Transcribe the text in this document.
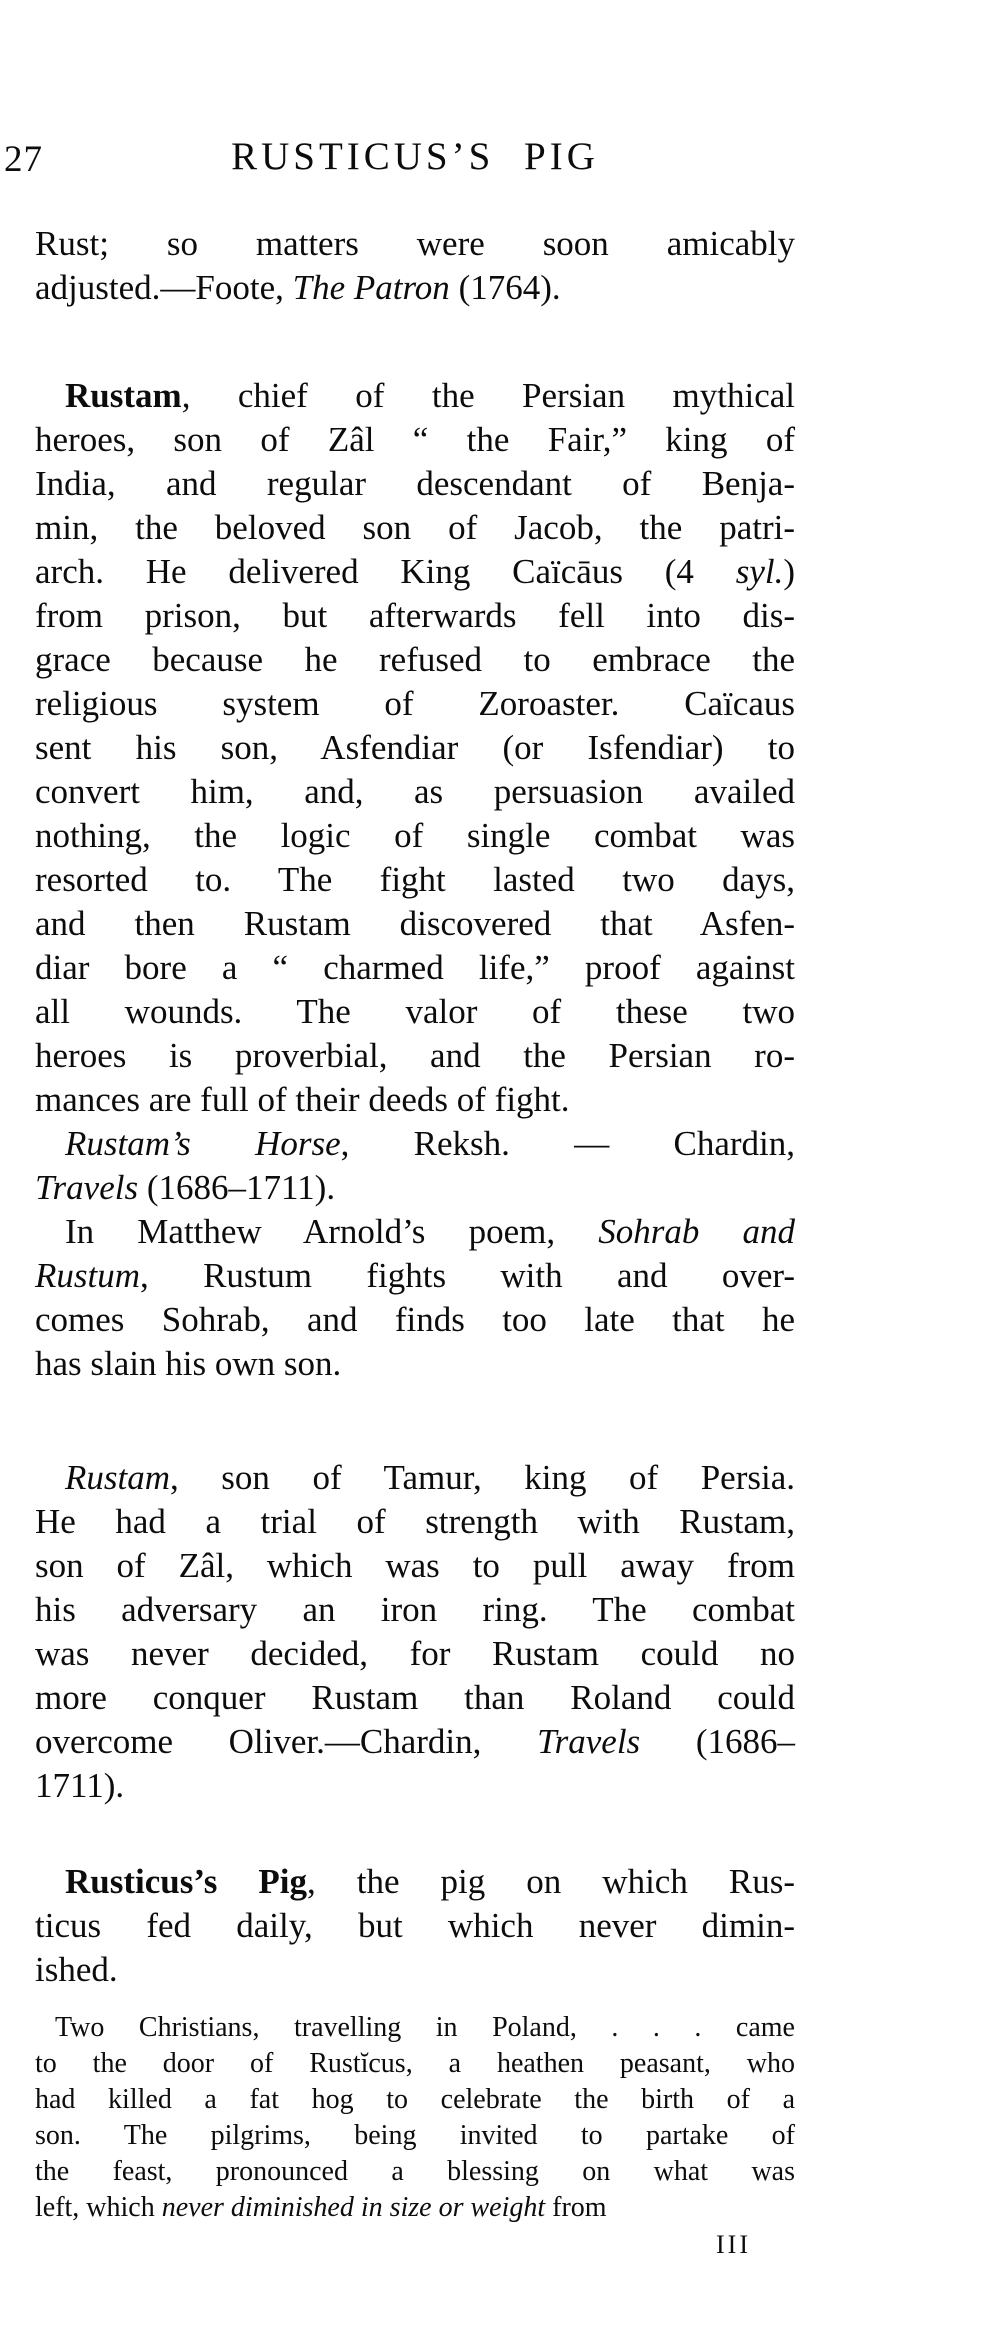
27	RUSTICUS’S PIG
Rust; so matters were soon amicably
adjusted.—Foote, The Patron (1764).
Rustam, chief of the Persian mythical
heroes, son of Zâl “ the Fair,” king of
India, and regular descendant of Benja-
min, the beloved son of Jacob, the patri-
arch. He delivered King Caïcāus (4 syl.)
from prison, but afterwards fell into dis-
grace because he refused to embrace the
religious system of Zoroaster. Caïcaus
sent his son, Asfendiar (or Isfendiar) to
convert him, and, as persuasion availed
nothing, the logic of single combat was
resorted to. The fight lasted two days,
and then Rustam discovered that Asfen-
diar bore a “ charmed life,” proof against
all wounds. The valor of these two
heroes is proverbial, and the Persian ro-
mances are full of their deeds of fight.
Rustam’s Horse, Reksh. — Chardin,
Travels (1686–1711).
In Matthew Arnold’s poem, Sohrab and
Rustum, Rustum fights with and over-
comes Sohrab, and finds too late that he
has slain his own son.
Rustam, son of Tamur, king of Persia.
He had a trial of strength with Rustam,
son of Zâl, which was to pull away from
his adversary an iron ring. The combat
was never decided, for Rustam could no
more conquer Rustam than Roland could
overcome Oliver.—Chardin, Travels (1686–
1711).
Rusticus’s Pig, the pig on which Rus-
ticus fed daily, but which never dimin-
ished.
Two Christians, travelling in Poland, . . . came
to the door of Rustĭcus, a heathen peasant, who
had killed a fat hog to celebrate the birth of a
son. The pilgrims, being invited to partake of
the feast, pronounced a blessing on what was
left, which never diminished in size or weight from
III
